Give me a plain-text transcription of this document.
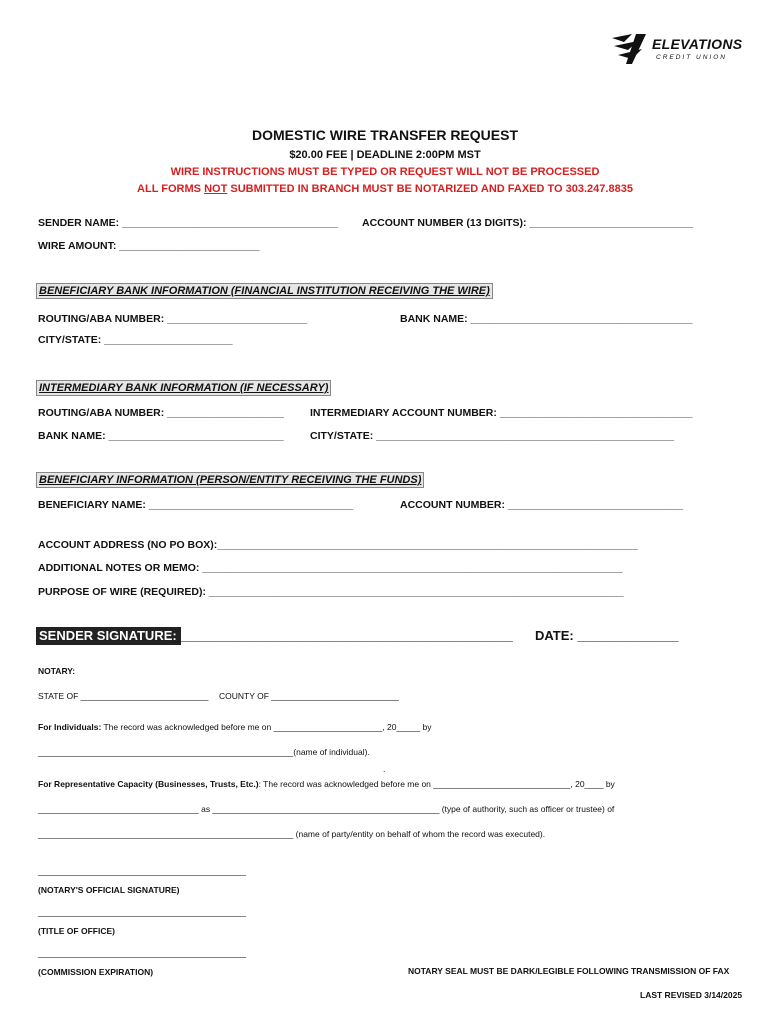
ELEVATIONS
CREDIT UNION
DOMESTIC WIRE TRANSFER REQUEST
$20.00 FEE | DEADLINE 2:00PM MST
WIRE INSTRUCTIONS MUST BE TYPED OR REQUEST WILL NOT BE PROCESSED
ALL FORMS NOT SUBMITTED IN BRANCH MUST BE NOTARIZED AND FAXED TO 303.247.8835
SENDER NAME: _____________________________________ ACCOUNT NUMBER (13 DIGITS): ____________________________
WIRE AMOUNT: ________________________
BENEFICIARY BANK INFORMATION (FINANCIAL INSTITUTION RECEIVING THE WIRE)
ROUTING/ABA NUMBER: ________________________	BANK NAME: ______________________________________
CITY/STATE: ______________________
INTERMEDIARY BANK INFORMATION (IF NECESSARY)
ROUTING/ABA NUMBER: ____________________ INTERMEDIARY ACCOUNT NUMBER: _________________________________
BANK NAME: ______________________________ CITY/STATE: ___________________________________________________
BENEFICIARY INFORMATION (PERSON/ENTITY RECEIVING THE FUNDS)
BENEFICIARY NAME: ___________________________________	ACCOUNT NUMBER: ______________________________
ACCOUNT ADDRESS (NO PO BOX):________________________________________________________________________
ADDITIONAL NOTES OR MEMO: ________________________________________________________________________
PURPOSE OF WIRE (REQUIRED): _______________________________________________________________________
SENDER SIGNATURE:
_______________________________________________ DATE: ______________
NOTARY:
STATE OF ___________________________ COUNTY OF ___________________________
For Individuals: The record was acknowledged before me on _______________________, 20_____ by
______________________________________________________(name of individual).
.
For Representative Capacity (Businesses, Trusts, Etc.): The record was acknowledged before me on _____________________________, 20____ by
__________________________________ as ________________________________________________ (type of authority, such as officer or trustee) of
______________________________________________________ (name of party/entity on behalf of whom the record was executed).
____________________________________________
(NOTARY'S OFFICIAL SIGNATURE)
____________________________________________
(TITLE OF OFFICE)
____________________________________________
(COMMISSION EXPIRATION)	NOTARY SEAL MUST BE DARK/LEGIBLE FOLLOWING TRANSMISSION OF FAX
LAST REVISED 3/14/2025
